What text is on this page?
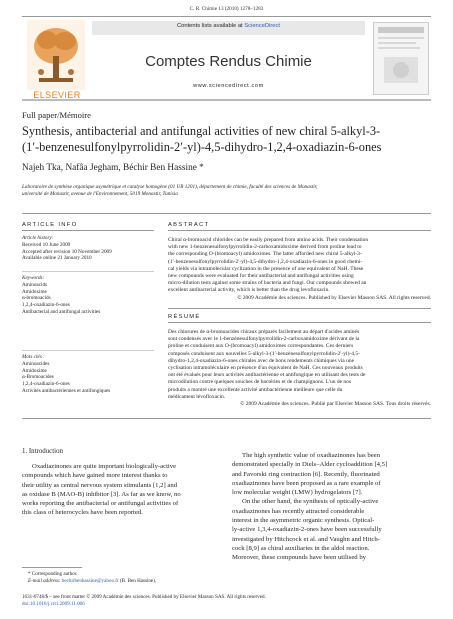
C. R. Chimie 13 (2010) 1278–1283
ELSEVIER
Contents lists available at ScienceDirect
Comptes Rendus Chimie
www.sciencedirect.com
Full paper/Mémoire
Synthesis, antibacterial and antifungal activities of new chiral 5-alkyl-3-
(1′-benzenesulfonylpyrrolidin-2′-yl)-4,5-dihydro-1,2,4-oxadiazin-6-ones
Najeh Tka, Nafâa Jegham, Béchir Ben Hassine *
Laboratoire de synthèse organique asymétrique et catalyse homogène (01 UR 1201), département de chimie, faculté des sciences de Monastir,
université de Monastir, avenue de l'Environnement, 5019 Monastir, Tunisia
ARTICLE INFO	ABSTRACT
Article history:
Received 10 June 2009
Accepted after revision 10 November 2009
Available online 21 January 2010
Keywords:
Aminoacids
Amidoxime
α-bromoacids
1,2,4-oxadiazin-6-ones
Antibacterial and antifungal activities
Mots clés :
Aminoacides
Amidoxime
α-Bromoacides
1,2,4-oxadiazin-6-ones
Activités antibactériennes et antifongiques
Chiral α-bromoacid chlorides can be easily prepared from amino acids. Their condensation
with new 1-benzenesulfonylpyrrolidin-2-carboxamidoxime derived from proline lead to
the corresponding O-(bromoacyl) amidoximes. The latter afforded new chiral 5-alkyl-3-
(1′-benzenesulfonylpyrrolidin-2′-yl)-4,5-dihydro-1,2,4-oxadiazin-6-ones in good chemi-
cal yields via intramolecular cyclization in the presence of one equivalent of NaH. These
new compounds were evaluated for their antibacterial and antifungal activities using
micro-dilution tests against some strains of bacteria and fungi. Our compounds showed an
excellent antibacterial activity, which is better than the drug levofloxacin.
© 2009 Académie des sciences. Published by Elsevier Masson SAS. All rights reserved.
RÉSUMÉ
Des chlorures de α-bromoacides chiraux préparés facilement au départ d'acides aminés
sont condensés avec le 1-benzènesulfonylpyrrolidin-2-carboxamidoxime dérivant de la
proline et conduisent aux O-(bromoacyl) amidoximes correspondantes. Ces derniers
composés conduisent aux nouvelles 5-alkyl-3-(1′-benzènesulfonylpyrrolidin-2′-yl)-4,5-
dihydro-1,2,4-oxadiazin-6-ones chirales avec de bons rendements chimiques via une
cyclisation intramoléculaire en présence d'un équivalent de NaH. Ces nouveaux produits
ont été évalués pour leurs activités antibactérienne et antifongique en utilisant des tests de
microdilution contre quelques souches de bactéries et de champignons. L'un de nos
produits a montré une excellente activité antibactérienne meilleure que celle du
médicament lévofloxacin.
© 2009 Académie des sciences. Publié par Elsevier Masson SAS. Tous droits réservés.
1. Introduction
Oxadiazinones are quite important biologically-active
compounds which have gained more interest thanks to
their utility as central nervous system stimulants [1,2] and
as oxidase B (MAO-B) inhibitor [3]. As far as we know, no
works reporting the antibacterial or antifungal activities of
this class of heterocycles have been reported.
The high synthetic value of oxadiazinones has been
demonstrated specially in Diels–Alder cycloaddition [4,5]
and Favorski ring contraction [6]. Recently, fluorinated
oxadiazinones have been proposed as a rare example of
low molecular weight (LMW) hydrogelators [7].
On the other hand, the synthesis of optically-active
oxadiazinones has recently attracted considerable
interest in the asymmetric organic synthesis. Optical-
ly-active 1,3,4-oxadiazin-2-ones have been successfully
investigated by Hitchcock et al. and Vaughn and Hitch-
cock [8,9] as chiral auxiliaries in the aldol reaction.
Moreover, these compounds have been utilised by
* Corresponding author.
E-mail address: bechirbenhassine@yahoo.fr (B. Ben Hassine).
1631-0748/$ – see front matter © 2009 Académie des sciences. Published by Elsevier Masson SAS. All rights reserved.
doi:10.1016/j.crci.2009.11.006
